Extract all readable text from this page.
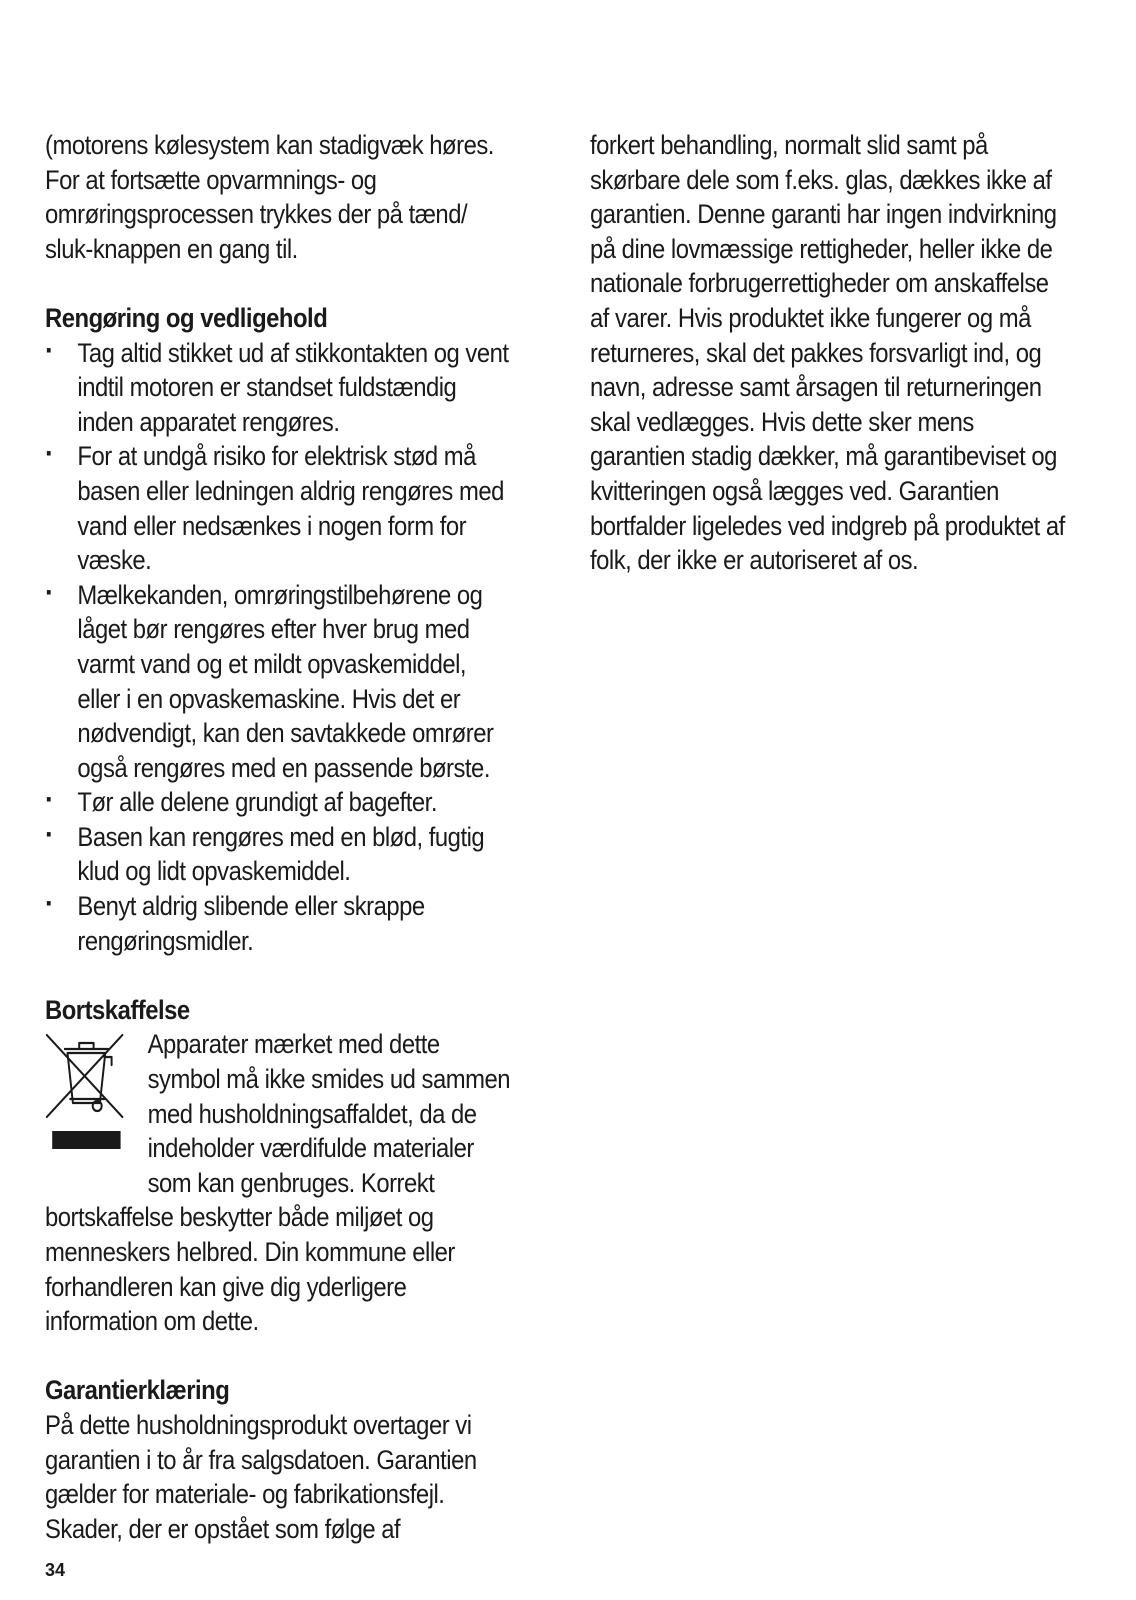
(motorens kølesystem kan stadigvæk høres. For at fortsætte opvarmnings- og omrøringsprocessen trykkes der på tænd/ sluk-knappen en gang til.

Rengøring og vedligehold
· Tag altid stikket ud af stikkontakten og vent indtil motoren er standset fuldstændig inden apparatet rengøres.
· For at undgå risiko for elektrisk stød må basen eller ledningen aldrig rengøres med vand eller nedsænkes i nogen form for væske.
· Mælkekanden, omrøringstilbehørene og låget bør rengøres efter hver brug med varmt vand og et mildt opvaskemiddel, eller i en opvaskemaskine. Hvis det er nødvendigt, kan den savtakkede omrører også rengøres med en passende børste.
· Tør alle delene grundigt af bagefter.
· Basen kan rengøres med en blød, fugtig klud og lidt opvaskemiddel.
· Benyt aldrig slibende eller skrappe rengøringsmidler.
Bortskaffelse

Apparater mærket med dette symbol må ikke smides ud sammen med husholdningsaffaldet, da de indeholder værdifulde materialer som kan genbruges. Korrekt bortskaffelse beskytter både miljøet og menneskers helbred. Din kommune eller forhandleren kan give dig yderligere information om dette.

Garantierklæring

På dette husholdningsprodukt overtager vi garantien i to år fra salgsdatoen. Garantien gælder for materiale- og fabrikationsfejl. Skader, der er opstået som følge af

forkert behandling, normalt slid samt på skørbare dele som f.eks. glas, dækkes ikke af garantien. Denne garanti har ingen indvirkning på dine lovmæssige rettigheder, heller ikke de nationale forbrugerrettigheder om anskaffelse af varer. Hvis produktet ikke fungerer og må returneres, skal det pakkes forsvarligt ind, og navn, adresse samt årsagen til returneringen skal vedlægges. Hvis dette sker mens garantien stadig dækker, må garantibeviset og kvitteringen også lægges ved. Garantien bortfalder ligeledes ved indgreb på produktet af folk, der ikke er autoriseret af os.

34
